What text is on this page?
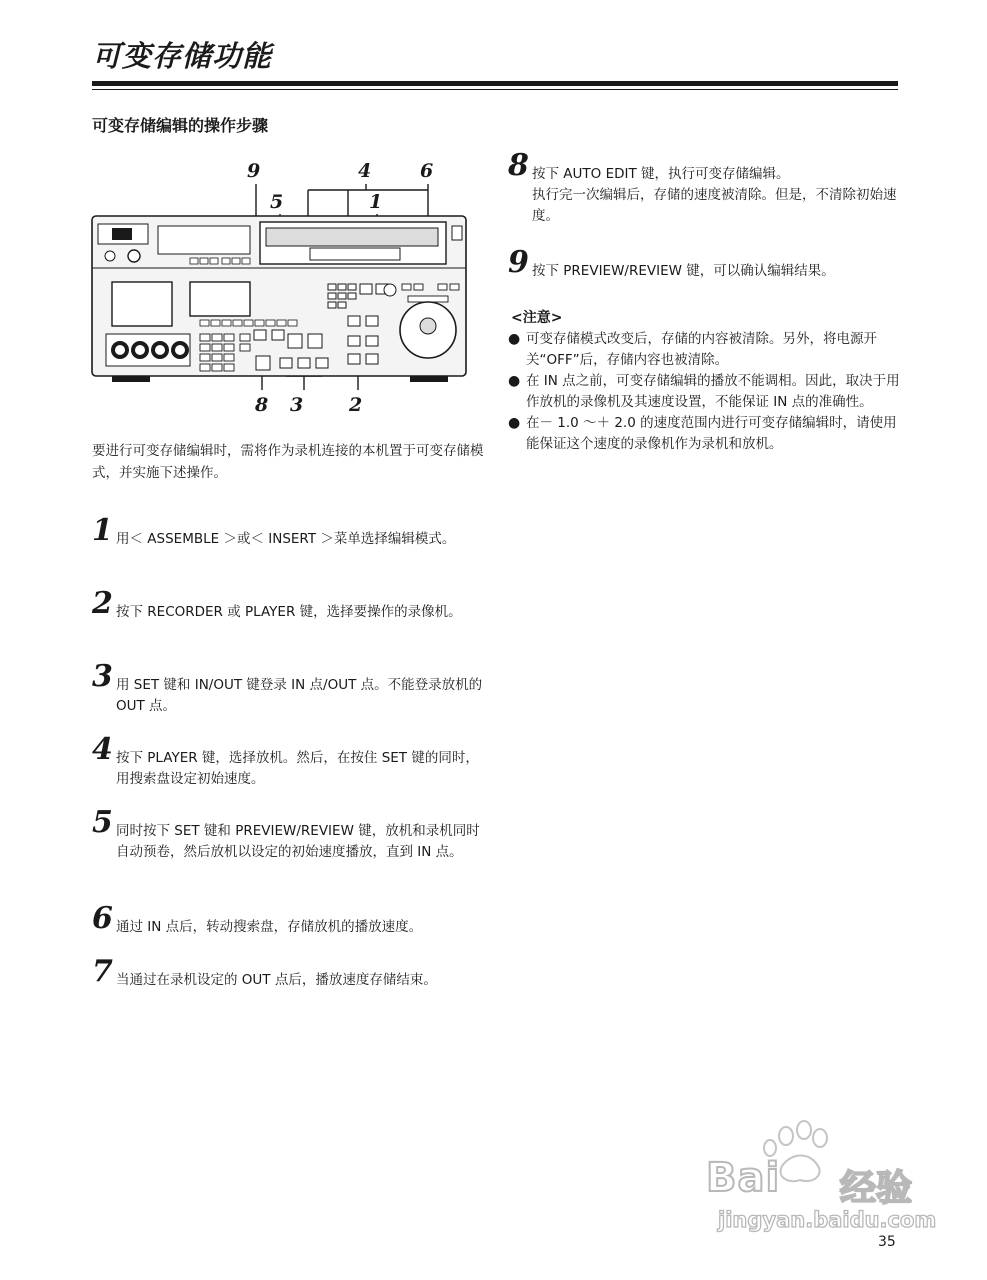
可变存储功能
可变存储编辑的操作步骤
9	4	6
5	1
8 3 2
要进行可变存储编辑时，需将作为录机连接的本机置于可变存储模式，并实施下述操作。
1 用＜ ASSEMBLE ＞或＜ INSERT ＞菜单选择编辑模式。
2 按下 RECORDER 或 PLAYER 键，选择要操作的录像机。
3 用 SET 键和 IN/OUT 键登录 IN 点/OUT 点。不能登录放机的 OUT 点。
4 按下 PLAYER 键，选择放机。然后，在按住 SET 键的同时，用搜索盘设定初始速度。
5 同时按下 SET 键和 PREVIEW/REVIEW 键，放机和录机同时自动预卷，然后放机以设定的初始速度播放，直到 IN 点。
6 通过 IN 点后，转动搜索盘，存储放机的播放速度。
7 当通过在录机设定的 OUT 点后，播放速度存储结束。
8 按下 AUTO EDIT 键，执行可变存储编辑。
执行完一次编辑后，存储的速度被清除。但是，不清除初始速度。
9 按下 PREVIEW/REVIEW 键，可以确认编辑结果。
<注意>
● 可变存储模式改变后，存储的内容被清除。另外，将电源开关“OFF”后，存储内容也被清除。
● 在 IN 点之前，可变存储编辑的播放不能调相。因此，取决于用作放机的录像机及其速度设置，不能保证 IN 点的准确性。
● 在－ 1.0 ～＋ 2.0 的速度范围内进行可变存储编辑时，请使用能保证这个速度的录像机作为录机和放机。
Bai 经验
jingyan.baidu.com
35
